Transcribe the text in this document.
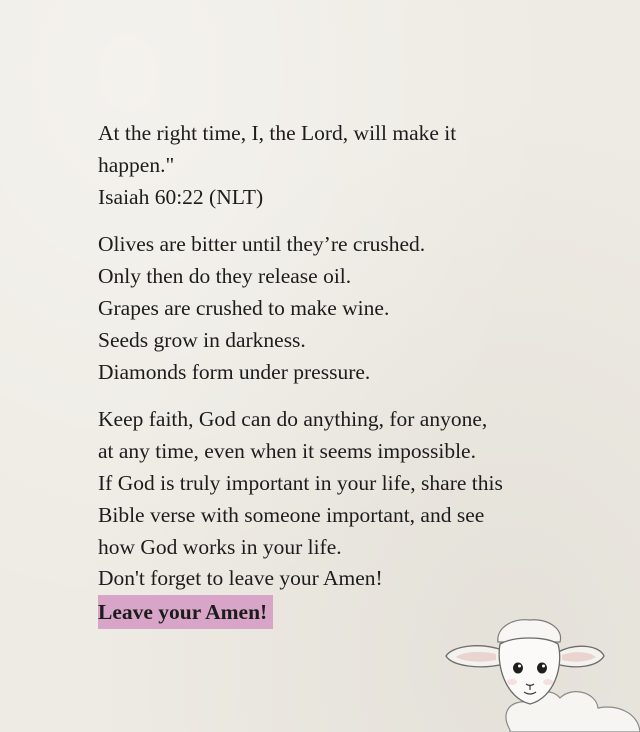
At the right time, I, the Lord, will make it
happen."
Isaiah 60:22 (NLT)

Olives are bitter until they’re crushed.
Only then do they release oil.
Grapes are crushed to make wine.
Seeds grow in darkness.
Diamonds form under pressure.

Keep faith, God can do anything, for anyone,
at any time, even when it seems impossible.
If God is truly important in your life, share this
Bible verse with someone important, and see
how God works in your life.
Don't forget to leave your Amen!
Leave your Amen!
